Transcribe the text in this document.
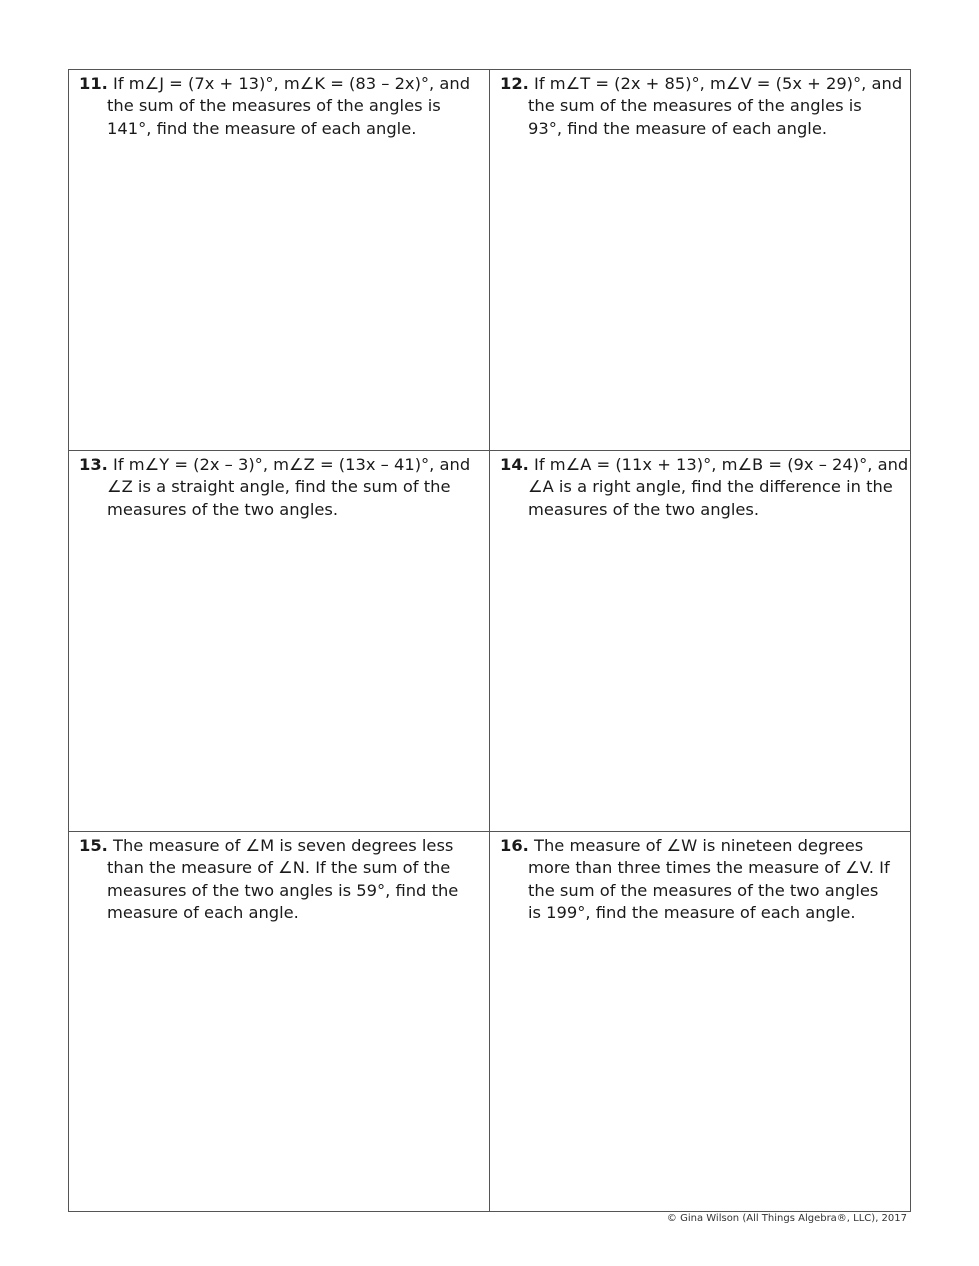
11. If m∠J = (7x + 13)°, m∠K = (83 – 2x)°, and
the sum of the measures of the angles is
141°, find the measure of each angle.
12. If m∠T = (2x + 85)°, m∠V = (5x + 29)°, and
the sum of the measures of the angles is
93°, find the measure of each angle.
13. If m∠Y = (2x – 3)°, m∠Z = (13x – 41)°, and
∠Z is a straight angle, find the sum of the
measures of the two angles.
14. If m∠A = (11x + 13)°, m∠B = (9x – 24)°, and
∠A is a right angle, find the difference in the
measures of the two angles.
15. The measure of ∠M is seven degrees less
than the measure of ∠N. If the sum of the
measures of the two angles is 59°, find the
measure of each angle.
16. The measure of ∠W is nineteen degrees
more than three times the measure of ∠V. If
the sum of the measures of the two angles
is 199°, find the measure of each angle.
© Gina Wilson (All Things Algebra®, LLC), 2017
